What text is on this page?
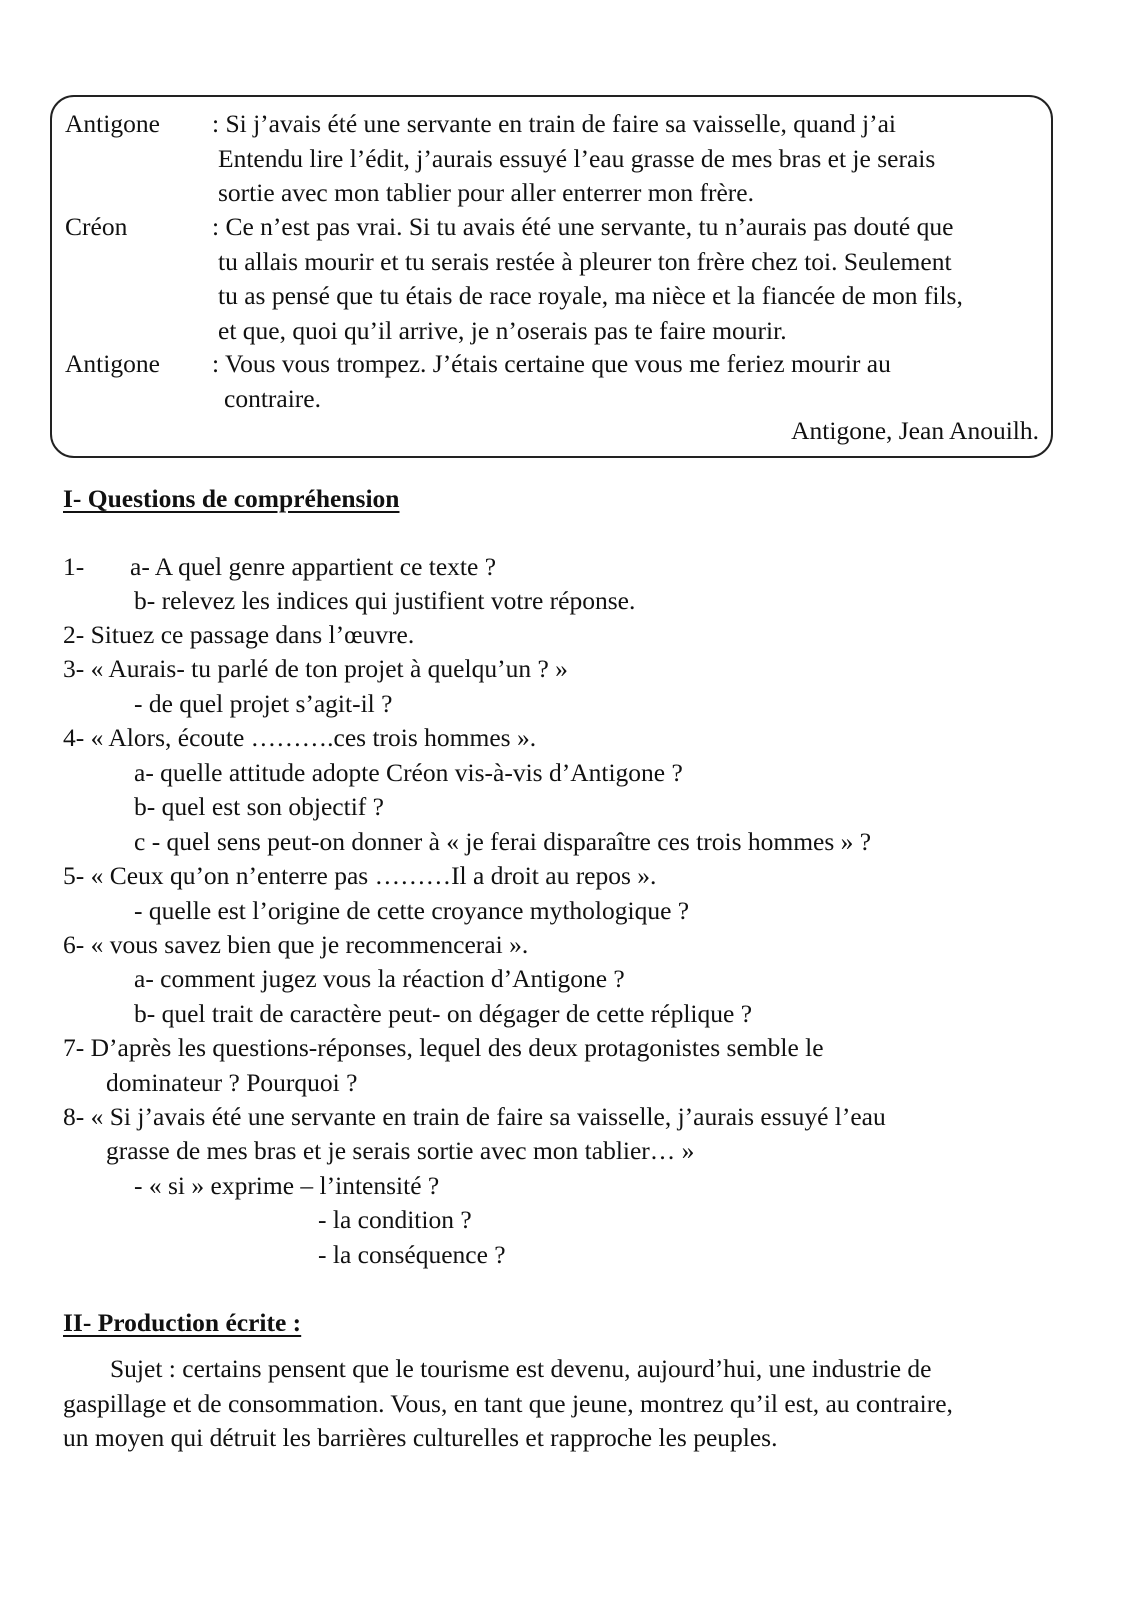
Antigone : Si j’avais été une servante en train de faire sa vaisselle, quand j’ai
Entendu lire l’édit, j’aurais essuyé l’eau grasse de mes bras et je serais
sortie avec mon tablier pour aller enterrer mon frère.
Créon	: Ce n’est pas vrai. Si tu avais été une servante, tu n’aurais pas douté que
tu allais mourir et tu serais restée à pleurer ton frère chez toi. Seulement
tu as pensé que tu étais de race royale, ma nièce et la fiancée de mon fils,
et que, quoi qu’il arrive, je n’oserais pas te faire mourir.
Antigone : Vous vous trompez. J’étais certaine que vous me feriez mourir au
contraire.
Antigone, Jean Anouilh.
I- Questions de compréhension
1- a- A quel genre appartient ce texte ?
b- relevez les indices qui justifient votre réponse.
2- Situez ce passage dans l’œuvre.
3- « Aurais- tu parlé de ton projet à quelqu’un ? »
- de quel projet s’agit-il ?
4- « Alors, écoute ……….ces trois hommes ».
a- quelle attitude adopte Créon vis-à-vis d’Antigone ?
b- quel est son objectif ?
c - quel sens peut-on donner à « je ferai disparaître ces trois hommes » ?
5- « Ceux qu’on n’enterre pas ………Il a droit au repos ».
- quelle est l’origine de cette croyance mythologique ?
6- « vous savez bien que je recommencerai ».
a- comment jugez vous la réaction d’Antigone ?
b- quel trait de caractère peut- on dégager de cette réplique ?
7- D’après les questions-réponses, lequel des deux protagonistes semble le
dominateur ? Pourquoi ?
8- « Si j’avais été une servante en train de faire sa vaisselle, j’aurais essuyé l’eau
grasse de mes bras et je serais sortie avec mon tablier… »
- « si » exprime – l’intensité ?
- la condition ?
- la conséquence ?
II- Production écrite :
Sujet : certains pensent que le tourisme est devenu, aujourd’hui, une industrie de
gaspillage et de consommation. Vous, en tant que jeune, montrez qu’il est, au contraire,
un moyen qui détruit les barrières culturelles et rapproche les peuples.
